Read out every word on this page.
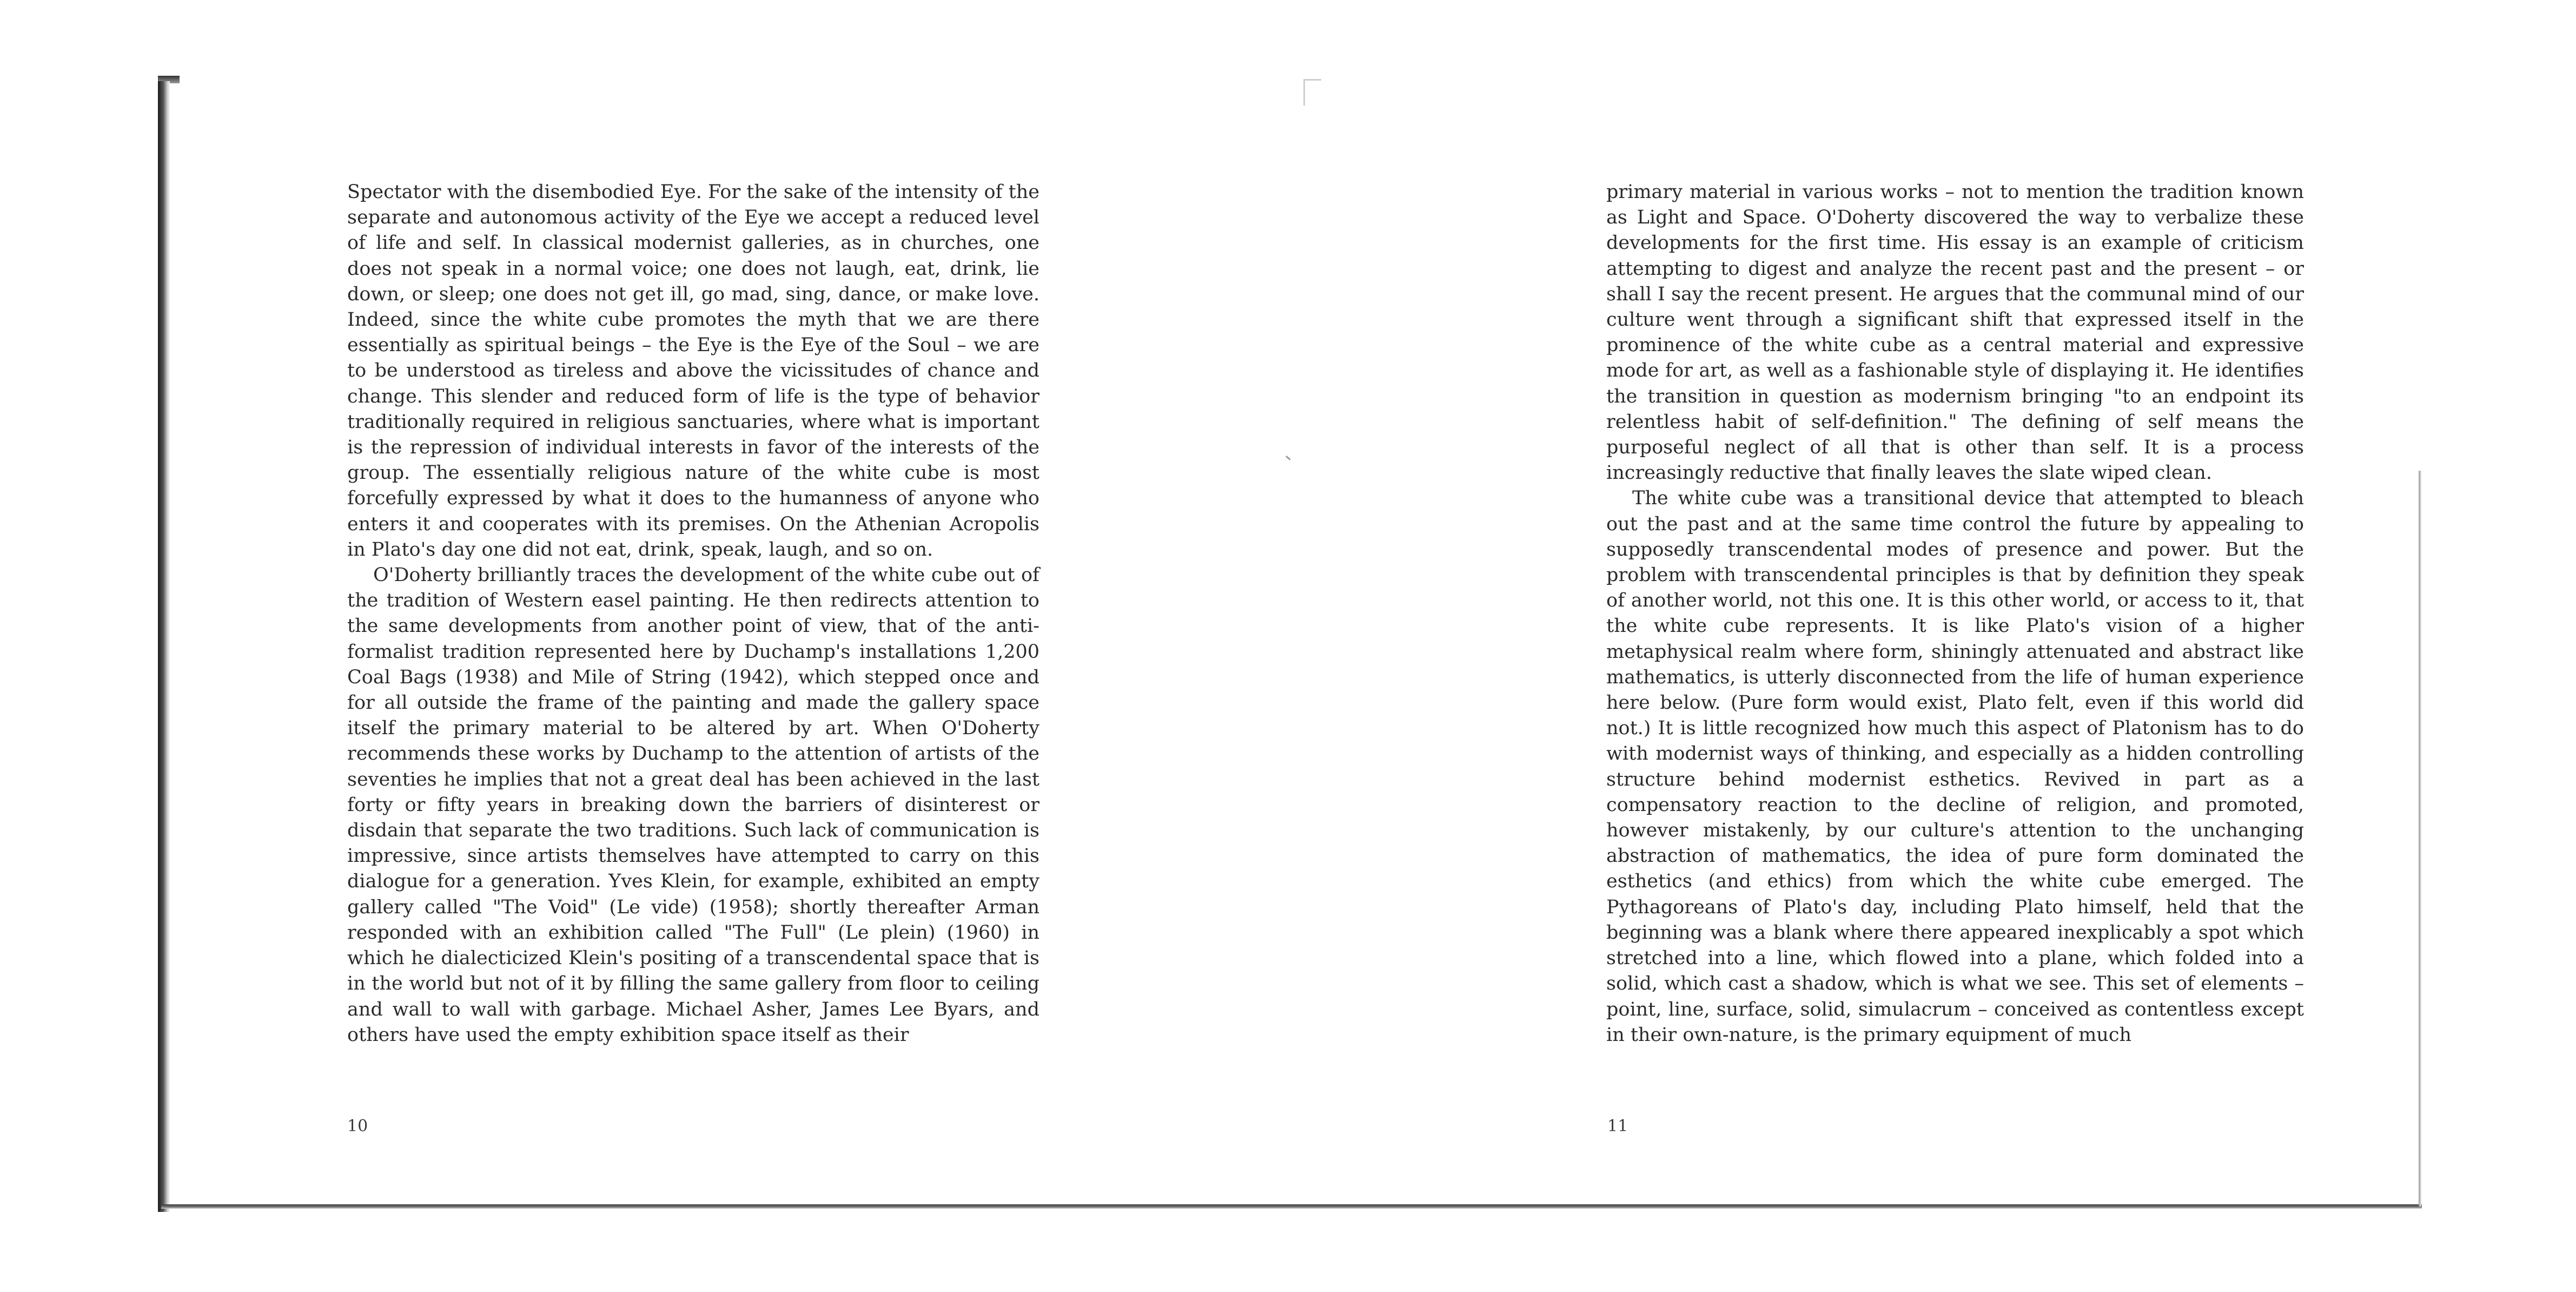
Spectator with the disembodied Eye. For the sake of the intensity of the separate and autonomous activity of the Eye we accept a reduced level of life and self. In classical modernist galleries, as in churches, one does not speak in a normal voice; one does not laugh, eat, drink, lie down, or sleep; one does not get ill, go mad, sing, dance, or make love. Indeed, since the white cube promotes the myth that we are there essentially as spiritual beings – the Eye is the Eye of the Soul – we are to be understood as tireless and above the vicissitudes of chance and change. This slender and reduced form of life is the type of behavior traditionally required in religious sanctuaries, where what is important is the repression of individual interests in favor of the interests of the group. The essentially religious nature of the white cube is most forcefully expressed by what it does to the humanness of anyone who enters it and cooperates with its premises. On the Athenian Acropolis in Plato's day one did not eat, drink, speak, laugh, and so on.

O'Doherty brilliantly traces the development of the white cube out of the tradition of Western easel painting. He then redirects attention to the same developments from another point of view, that of the anti-formalist tradition represented here by Duchamp's installations 1,200 Coal Bags (1938) and Mile of String (1942), which stepped once and for all outside the frame of the painting and made the gallery space itself the primary material to be altered by art. When O'Doherty recommends these works by Duchamp to the attention of artists of the seventies he implies that not a great deal has been achieved in the last forty or fifty years in breaking down the barriers of disinterest or disdain that separate the two traditions. Such lack of communication is impressive, since artists themselves have attempted to carry on this dialogue for a generation. Yves Klein, for example, exhibited an empty gallery called "The Void" (Le vide) (1958); shortly thereafter Arman responded with an exhibition called "The Full" (Le plein) (1960) in which he dialecticized Klein's positing of a transcendental space that is in the world but not of it by filling the same gallery from floor to ceiling and wall to wall with garbage. Michael Asher, James Lee Byars, and others have used the empty exhibition space itself as their

10

primary material in various works – not to mention the tradition known as Light and Space. O'Doherty discovered the way to verbalize these developments for the first time. His essay is an example of criticism attempting to digest and analyze the recent past and the present – or shall I say the recent present. He argues that the communal mind of our culture went through a significant shift that expressed itself in the prominence of the white cube as a central material and expressive mode for art, as well as a fashionable style of displaying it. He identifies the transition in question as modernism bringing "to an endpoint its relentless habit of self-definition." The defining of self means the purposeful neglect of all that is other than self. It is a process increasingly reductive that finally leaves the slate wiped clean.

The white cube was a transitional device that attempted to bleach out the past and at the same time control the future by appealing to supposedly transcendental modes of presence and power. But the problem with transcendental principles is that by definition they speak of another world, not this one. It is this other world, or access to it, that the white cube represents. It is like Plato's vision of a higher metaphysical realm where form, shiningly attenuated and abstract like mathematics, is utterly disconnected from the life of human experience here below. (Pure form would exist, Plato felt, even if this world did not.) It is little recognized how much this aspect of Platonism has to do with modernist ways of thinking, and especially as a hidden controlling structure behind modernist esthetics. Revived in part as a compensatory reaction to the decline of religion, and promoted, however mistakenly, by our culture's attention to the unchanging abstraction of mathematics, the idea of pure form dominated the esthetics (and ethics) from which the white cube emerged. The Pythagoreans of Plato's day, including Plato himself, held that the beginning was a blank where there appeared inexplicably a spot which stretched into a line, which flowed into a plane, which folded into a solid, which cast a shadow, which is what we see. This set of elements – point, line, surface, solid, simulacrum – conceived as contentless except in their own-nature, is the primary equipment of much

11
